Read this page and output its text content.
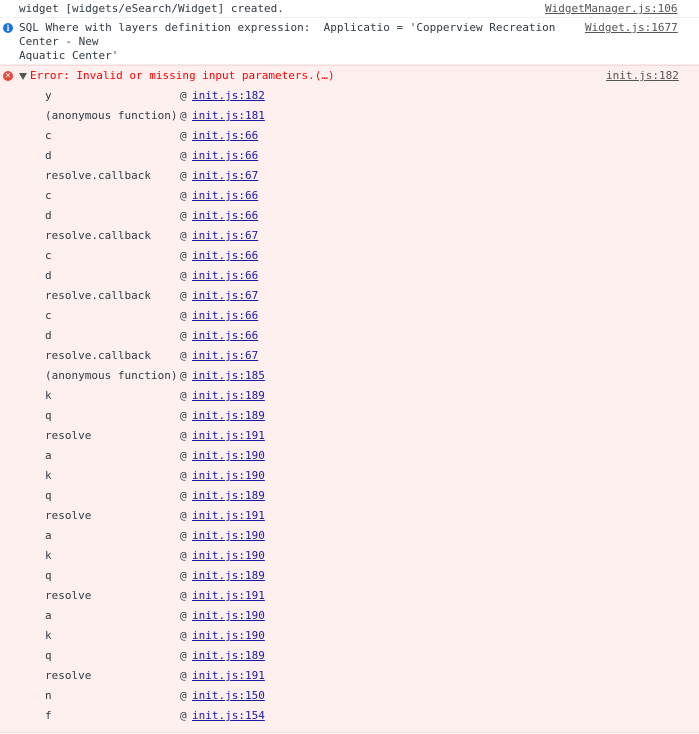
widget [widgets/eSearch/Widget] created.	WidgetManager.js:106
i SQL Where with layers definition expression:  Applicatio = 'Copperview Recreation
Center - New
Aquatic Center'
Widget.js:1677
✕ Error: Invalid or missing input parameters.(…)	init.js:182
y	@ init.js:182
(anonymous function) @ init.js:181
c	@ init.js:66
d	@ init.js:66
resolve.callback	@ init.js:67
c	@ init.js:66
d	@ init.js:66
resolve.callback	@ init.js:67
c	@ init.js:66
d	@ init.js:66
resolve.callback	@ init.js:67
c	@ init.js:66
d	@ init.js:66
resolve.callback	@ init.js:67
(anonymous function) @ init.js:185
k	@ init.js:189
q	@ init.js:189
resolve	@ init.js:191
a	@ init.js:190
k	@ init.js:190
q	@ init.js:189
resolve	@ init.js:191
a	@ init.js:190
k	@ init.js:190
q	@ init.js:189
resolve	@ init.js:191
a	@ init.js:190
k	@ init.js:190
q	@ init.js:189
resolve	@ init.js:191
n	@ init.js:150
f	@ init.js:154
